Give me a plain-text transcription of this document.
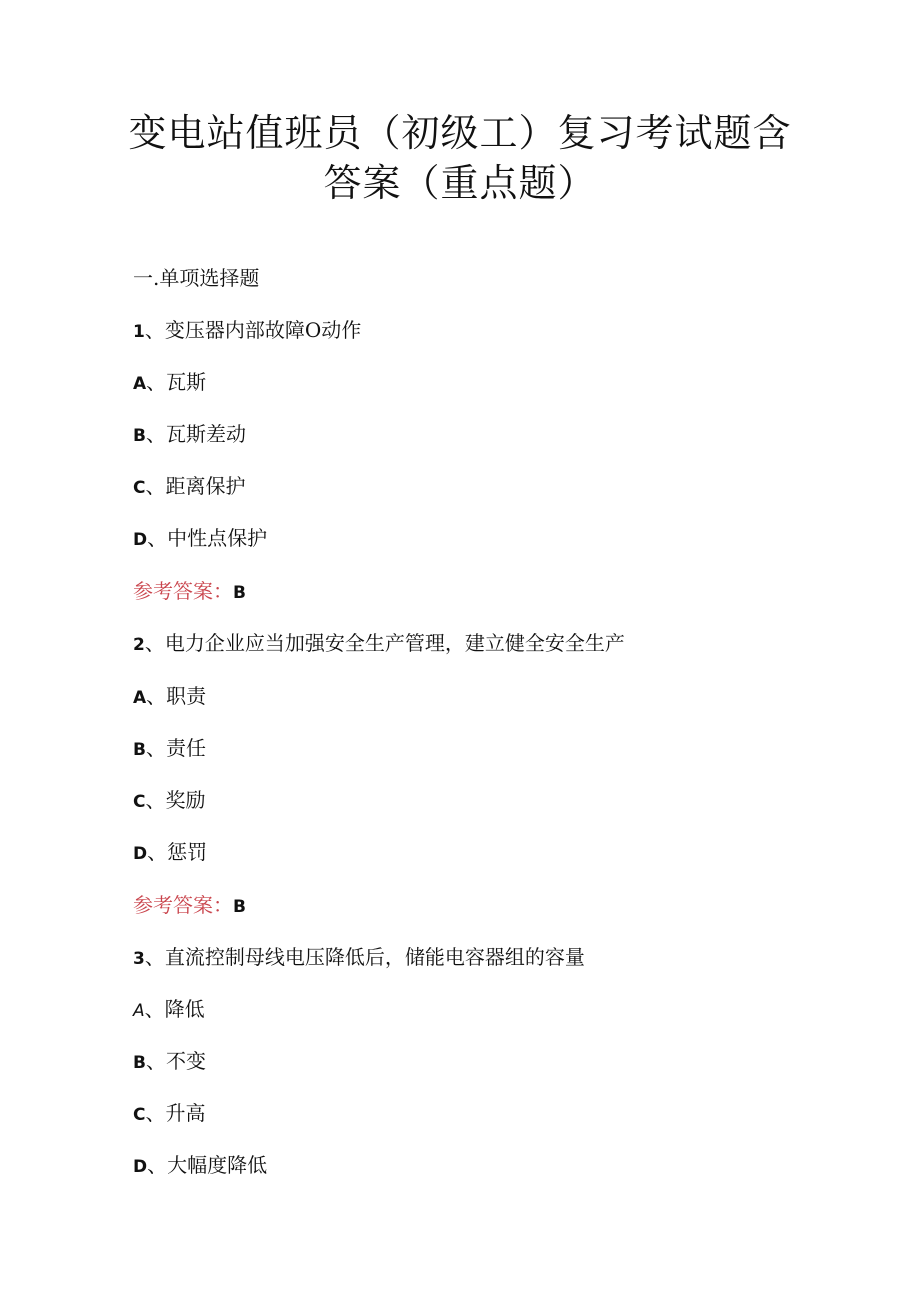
变电站值班员（初级工）复习考试题含
答案（重点题）
一.单项选择题
1、变压器内部故障O动作
A、瓦斯
B、瓦斯差动
C、距离保护
D、中性点保护
参考答案：B
2、电力企业应当加强安全生产管理，建立健全安全生产
A、职责
B、责任
C、奖励
D、惩罚
参考答案：B
3、直流控制母线电压降低后，储能电容器组的容量
A、降低
B、不变
C、升高
D、大幅度降低
